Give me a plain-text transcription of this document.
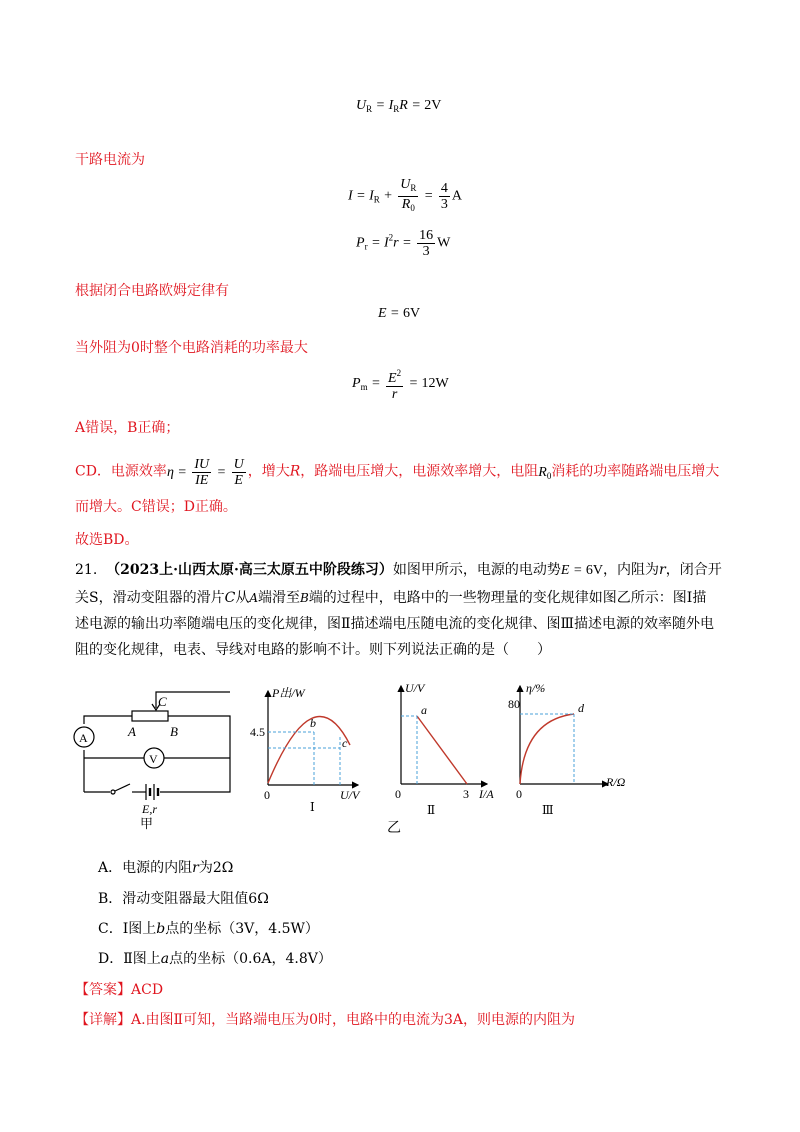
$U_R = I_RR = 2V$
干路电流为
$I = I_R + \frac{U_R}{R_0} = \frac{4}{3}$ A
$P_r = I^2r = \frac{16}{3}$ W
根据闭合电路欧姆定律有
E = 6V
当外阻为0时整个电路消耗的功率最大
$P_m = \frac{E^2}{r} = 12W$
A错误，B正确；
CD．电源效率$\eta = \frac{IU}{IE} = \frac{U}{E}$ ，增大R，路端电压增大，电源效率增大，电阻$R_0$消耗的功率随路端电压增大
而增大。C错误；D正确。
故选BD。
21. （2023上·山西太原·高三太原五中阶段练习）如图甲所示，电源的电动势E = 6V，内阻为r，闭合开
关S，滑动变阻器的滑片C从A端滑至B端的过程中，电路中的一些物理量的变化规律如图乙所示：图Ⅰ描
述电源的输出功率随端电压的变化规律，图Ⅱ描述端电压随电流的变化规律、图Ⅲ描述电源的效率随外电
阻的变化规律，电表、导线对电路的影响不计。则下列说法正确的是（　　）
C
A	B
A
V
E,r
甲
P出/W
4.5
b
c
0	U/V
Ⅰ
U/V
a
0	3 I/A
Ⅱ
η/%
80	d
0
R/Ω
Ⅲ
乙
A．电源的内阻r为2Ω
B．滑动变阻器最大阻值6Ω
C．Ⅰ图上b点的坐标（3V，4.5W）
D．Ⅱ图上a点的坐标（0.6A，4.8V）
【答案】ACD
【详解】A.由图Ⅱ可知，当路端电压为0时，电路中的电流为3A，则电源的内阻为
